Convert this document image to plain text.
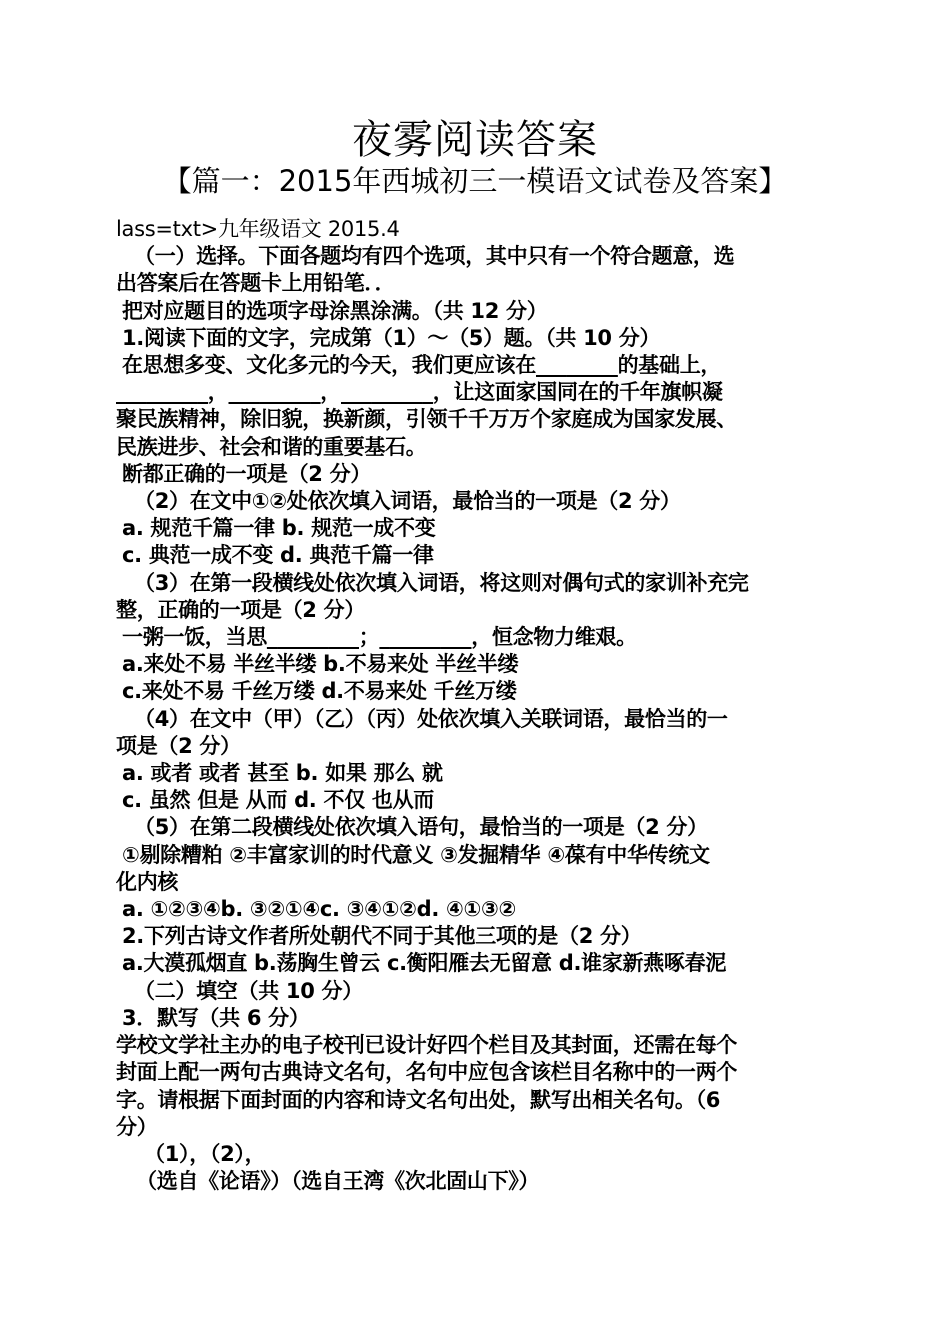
夜雾阅读答案
【篇一：2015年西城初三一模语文试卷及答案】
lass=txt>九年级语文 2015.4
（一）选择。下面各题均有四个选项，其中只有一个符合题意，选
出答案后在答题卡上用铅笔．．
把对应题目的选项字母涂黑涂满。（共 12 分）
1.阅读下面的文字，完成第（1）～（5）题。（共 10 分）
在思想多变、文化多元的今天，我们更应该在________的基础上，
_________，_________，_________，让这面家国同在的千年旗帜凝
聚民族精神，除旧貌，换新颜，引领千千万万个家庭成为国家发展、
民族进步、社会和谐的重要基石。
断都正确的一项是（2 分）
（2）在文中①②处依次填入词语，最恰当的一项是（2 分）
a. 规范千篇一律 b. 规范一成不变
c. 典范一成不变 d. 典范千篇一律
（3）在第一段横线处依次填入词语，将这则对偶句式的家训补充完
整，正确的一项是（2 分）
一粥一饭，当思_________；_________，恒念物力维艰。
a.来处不易 半丝半缕 b.不易来处 半丝半缕
c.来处不易 千丝万缕 d.不易来处 千丝万缕
（4）在文中（甲）（乙）（丙）处依次填入关联词语，最恰当的一
项是（2 分）
a. 或者 或者 甚至 b. 如果 那么 就
c. 虽然 但是 从而 d. 不仅 也从而
（5）在第二段横线处依次填入语句，最恰当的一项是（2 分）
①剔除糟粕 ②丰富家训的时代意义 ③发掘精华 ④葆有中华传统文
化内核
a. ①②③④b. ③②①④c. ③④①②d. ④①③②
2.下列古诗文作者所处朝代不同于其他三项的是（2 分）
a.大漠孤烟直 b.荡胸生曾云 c.衡阳雁去无留意 d.谁家新燕啄春泥
（二）填空（共 10 分）
3．默写（共 6 分）
学校文学社主办的电子校刊已设计好四个栏目及其封面，还需在每个
封面上配一两句古典诗文名句，名句中应包含该栏目名称中的一两个
字。请根据下面封面的内容和诗文名句出处，默写出相关名句。（6
分）
（1），（2），
（选自《论语》）（选自王湾《次北固山下》）
